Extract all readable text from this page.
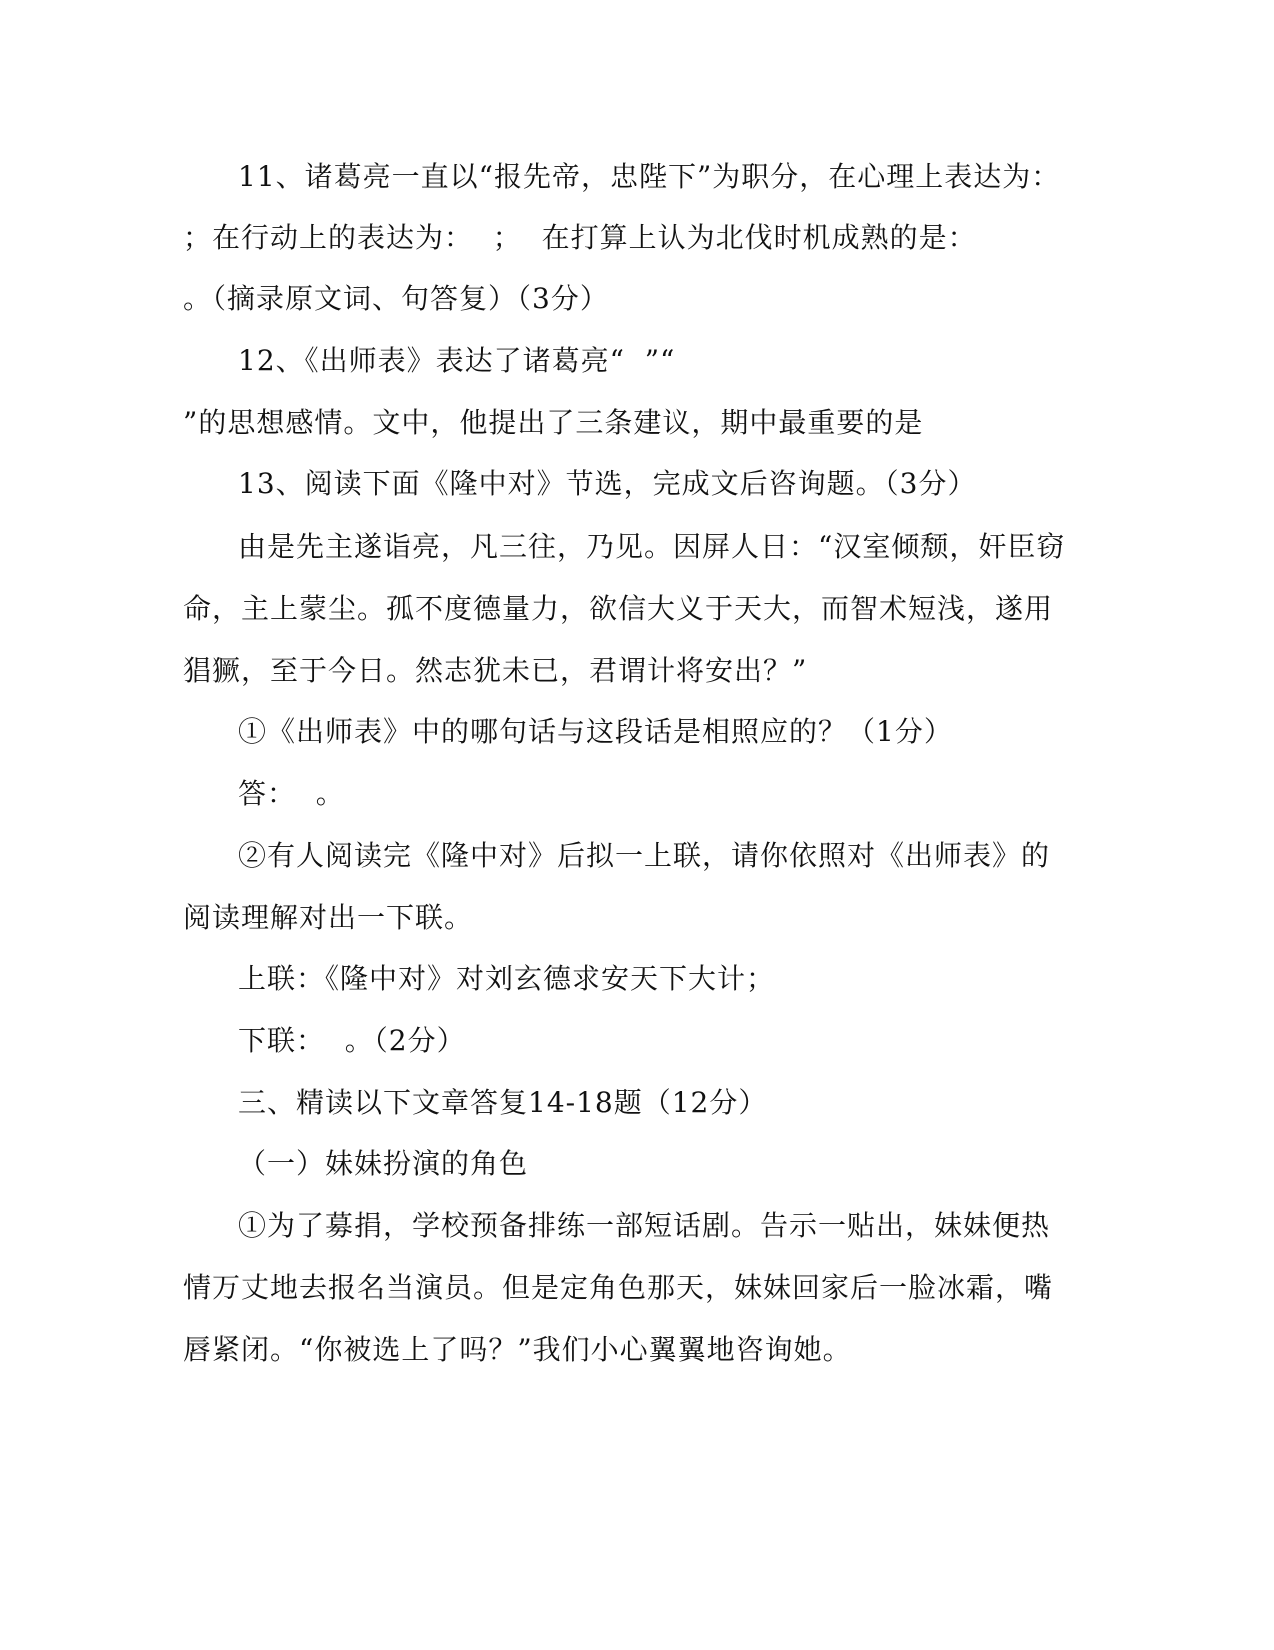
11、诸葛亮一直以“报先帝，忠陛下”为职分，在心理上表达为：
；在行动上的表达为：  ；  在打算上认为北伐时机成熟的是：
。（摘录原文词、句答复）（3分）
12、《出师表》表达了诸葛亮“  ”“
”的思想感情。文中，他提出了三条建议，期中最重要的是
13、阅读下面《隆中对》节选，完成文后咨询题。（3分）
由是先主遂诣亮，凡三往，乃见。因屏人日：“汉室倾颓，奸臣窃
命，主上蒙尘。孤不度德量力，欲信大义于天大，而智术短浅，遂用
猖獗，至于今日。然志犹未已，君谓计将安出？”
①《出师表》中的哪句话与这段话是相照应的？（1分）
答：  。
②有人阅读完《隆中对》后拟一上联，请你依照对《出师表》的
阅读理解对出一下联。
上联：《隆中对》对刘玄德求安天下大计；
下联：  。（2分）
三、精读以下文章答复14-18题（12分）
（一）妹妹扮演的角色
①为了募捐，学校预备排练一部短话剧。告示一贴出，妹妹便热
情万丈地去报名当演员。但是定角色那天，妹妹回家后一脸冰霜，嘴
唇紧闭。“你被选上了吗？”我们小心翼翼地咨询她。
